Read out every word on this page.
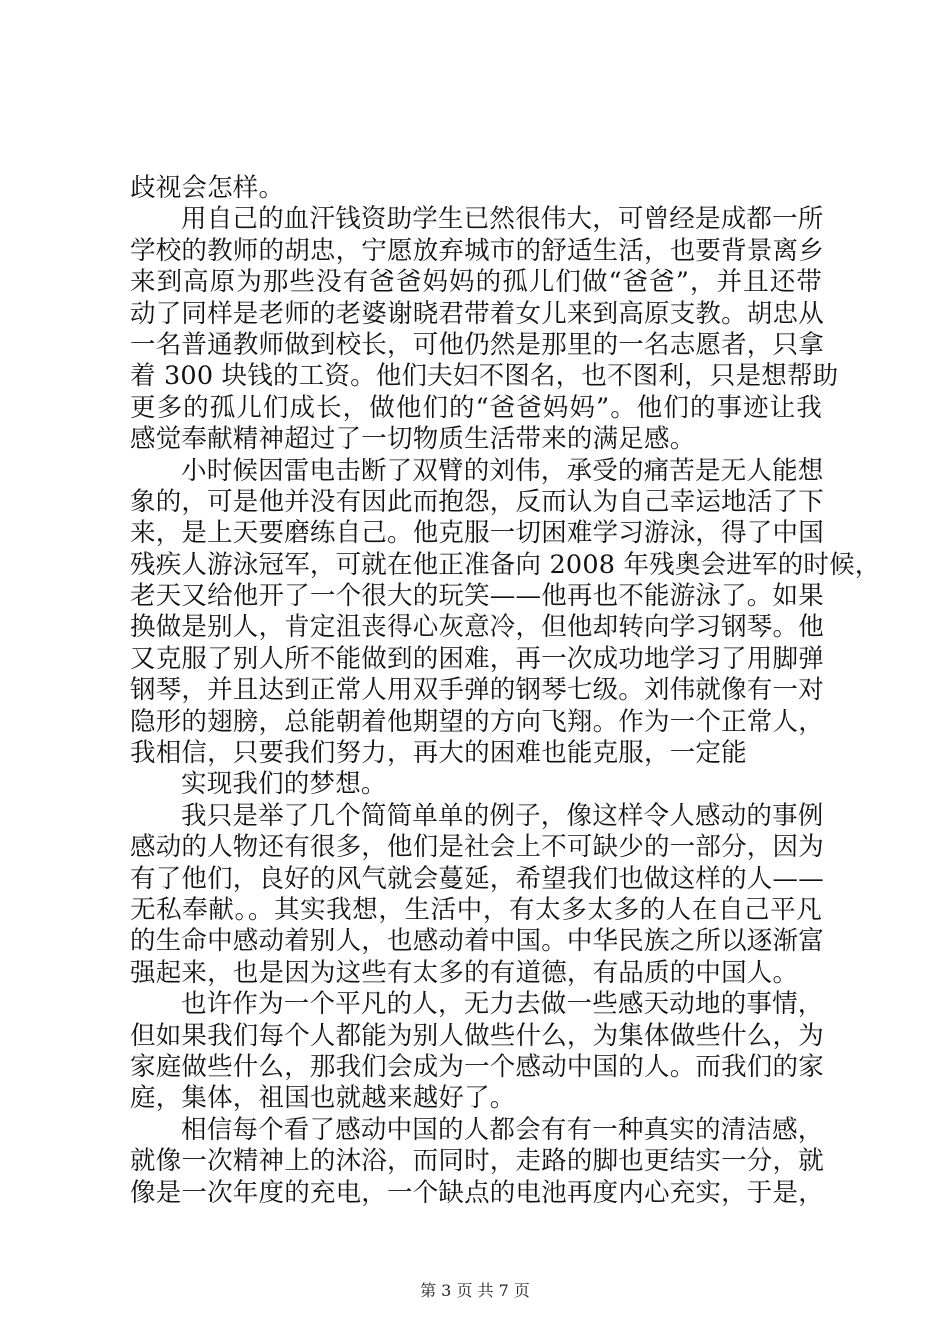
歧视会怎样。
用自己的血汗钱资助学生已然很伟大，可曾经是成都一所
学校的教师的胡忠，宁愿放弃城市的舒适生活，也要背景离乡
来到高原为那些没有爸爸妈妈的孤儿们做“爸爸”，并且还带
动了同样是老师的老婆谢晓君带着女儿来到高原支教。胡忠从
一名普通教师做到校长，可他仍然是那里的一名志愿者，只拿
着 300 块钱的工资。他们夫妇不图名，也不图利，只是想帮助
更多的孤儿们成长，做他们的“爸爸妈妈”。他们的事迹让我
感觉奉献精神超过了一切物质生活带来的满足感。
小时候因雷电击断了双臂的刘伟，承受的痛苦是无人能想
象的，可是他并没有因此而抱怨，反而认为自己幸运地活了下
来，是上天要磨练自己。他克服一切困难学习游泳，得了中国
残疾人游泳冠军，可就在他正准备向 2008 年残奥会进军的时候，
老天又给他开了一个很大的玩笑——他再也不能游泳了。如果
换做是别人，肯定沮丧得心灰意冷，但他却转向学习钢琴。他
又克服了别人所不能做到的困难，再一次成功地学习了用脚弹
钢琴，并且达到正常人用双手弹的钢琴七级。刘伟就像有一对
隐形的翅膀，总能朝着他期望的方向飞翔。作为一个正常人，
我相信，只要我们努力，再大的困难也能克服，一定能
实现我们的梦想。
我只是举了几个简简单单的例子，像这样令人感动的事例
感动的人物还有很多，他们是社会上不可缺少的一部分，因为
有了他们，良好的风气就会蔓延，希望我们也做这样的人——
无私奉献。。其实我想，生活中，有太多太多的人在自己平凡
的生命中感动着别人，也感动着中国。中华民族之所以逐渐富
强起来，也是因为这些有太多的有道德，有品质的中国人。
也许作为一个平凡的人，无力去做一些感天动地的事情，
但如果我们每个人都能为别人做些什么，为集体做些什么，为
家庭做些什么，那我们会成为一个感动中国的人。而我们的家
庭，集体，祖国也就越来越好了。
相信每个看了感动中国的人都会有有一种真实的清洁感，
就像一次精神上的沐浴，而同时，走路的脚也更结实一分，就
像是一次年度的充电，一个缺点的电池再度内心充实，于是，
第 3 页 共 7 页
